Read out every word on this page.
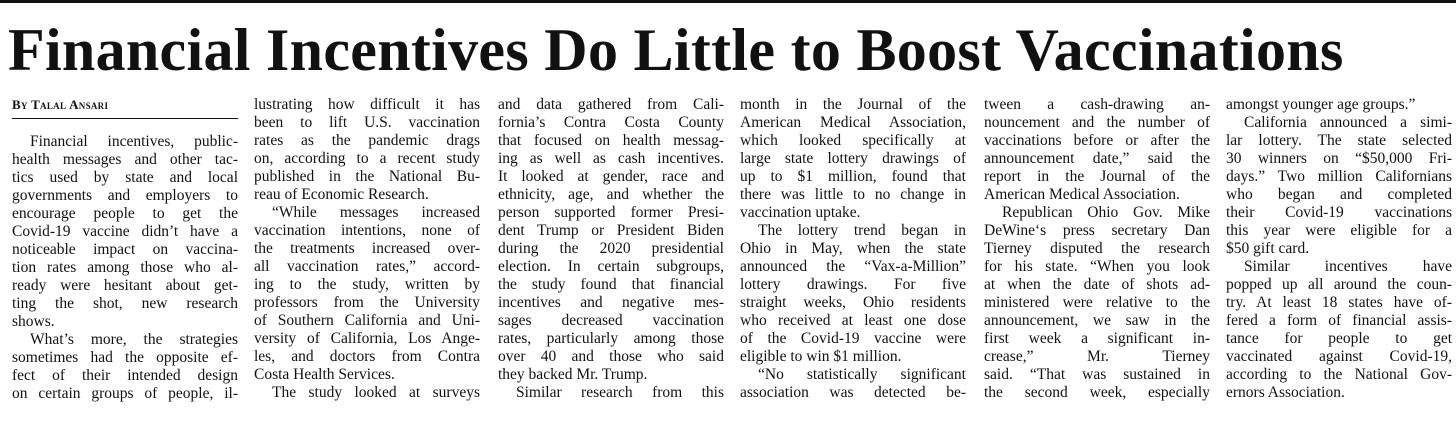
Financial Incentives Do Little to Boost Vaccinations
By Talal Ansari
Financial incentives, public-
health messages and other tac-
tics used by state and local
governments and employers to
encourage people to get the
Covid-19 vaccine didn’t have a
noticeable impact on vaccina-
tion rates among those who al-
ready were hesitant about get-
ting the shot, new research
shows.
What’s more, the strategies
sometimes had the opposite ef-
fect of their intended design
on certain groups of people, il-
lustrating how difficult it has
been to lift U.S. vaccination
rates as the pandemic drags
on, according to a recent study
published in the National Bu-
reau of Economic Research.
“While messages increased
vaccination intentions, none of
the treatments increased over-
all vaccination rates,” accord-
ing to the study, written by
professors from the University
of Southern California and Uni-
versity of California, Los Ange-
les, and doctors from Contra
Costa Health Services.
The study looked at surveys
and data gathered from Cali-
fornia’s Contra Costa County
that focused on health messag-
ing as well as cash incentives.
It looked at gender, race and
ethnicity, age, and whether the
person supported former Presi-
dent Trump or President Biden
during the 2020 presidential
election. In certain subgroups,
the study found that financial
incentives and negative mes-
sages decreased vaccination
rates, particularly among those
over 40 and those who said
they backed Mr. Trump.
Similar research from this
month in the Journal of the
American Medical Association,
which looked specifically at
large state lottery drawings of
up to $1 million, found that
there was little to no change in
vaccination uptake.
The lottery trend began in
Ohio in May, when the state
announced the “Vax-a-Million”
lottery drawings. For five
straight weeks, Ohio residents
who received at least one dose
of the Covid-19 vaccine were
eligible to win $1 million.
“No statistically significant
association was detected be-
tween a cash-drawing an-
nouncement and the number of
vaccinations before or after the
announcement date,” said the
report in the Journal of the
American Medical Association.
Republican Ohio Gov. Mike
DeWine‘s press secretary Dan
Tierney disputed the research
for his state. “When you look
at when the date of shots ad-
ministered were relative to the
announcement, we saw in the
first week a significant in-
crease,” Mr. Tierney
said. “That was sustained in
the second week, especially
amongst younger age groups.”
California announced a simi-
lar lottery. The state selected
30 winners on “$50,000 Fri-
days.” Two million Californians
who began and completed
their Covid-19 vaccinations
this year were eligible for a
$50 gift card.
Similar incentives have
popped up all around the coun-
try. At least 18 states have of-
fered a form of financial assis-
tance for people to get
vaccinated against Covid-19,
according to the National Gov-
ernors Association.
